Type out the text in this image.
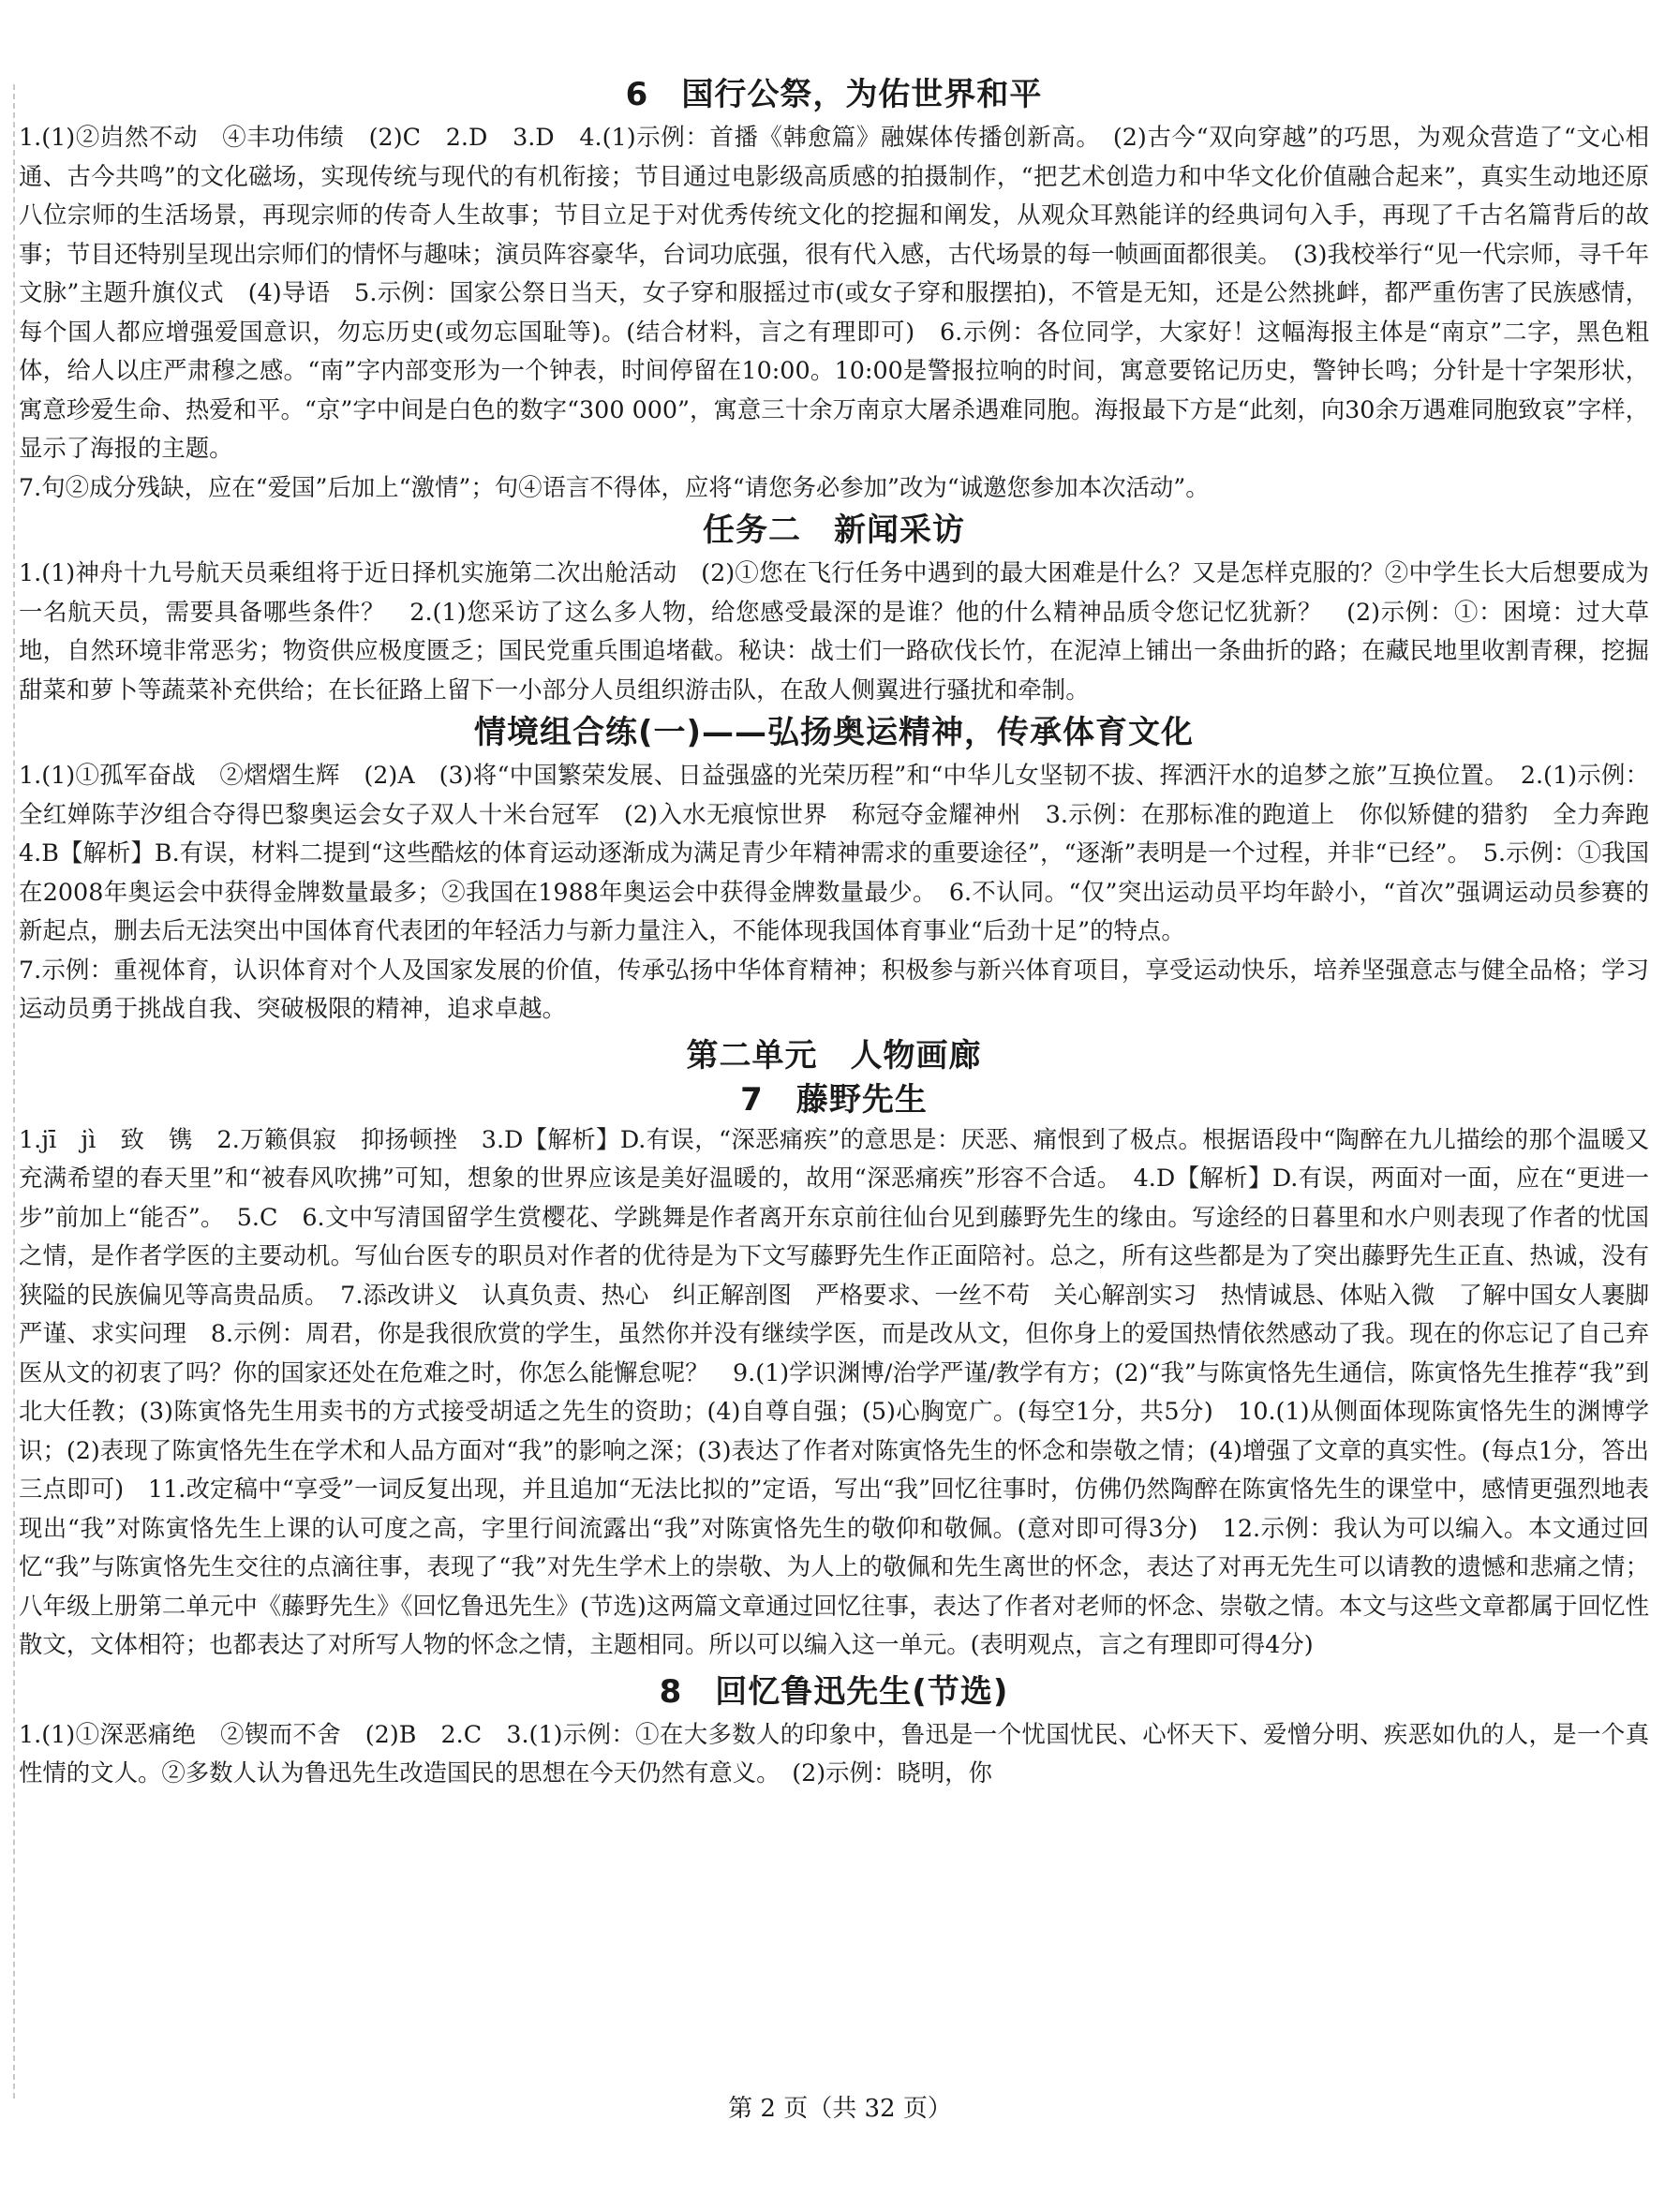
6　国行公祭，为佑世界和平

1.(1)②岿然不动　④丰功伟绩　(2)C　2.D　3.D　4.(1)示例：首播《韩愈篇》融媒体传播创新高。　(2)古今“双向穿越”的巧思，为观众营造了“文心相通、古今共鸣”的文化磁场，实现传统与现代的有机衔接；节目通过电影级高质感的拍摄制作，“把艺术创造力和中华文化价值融合起来”，真实生动地还原八位宗师的生活场景，再现宗师的传奇人生故事；节目立足于对优秀传统文化的挖掘和阐发，从观众耳熟能详的经典词句入手，再现了千古名篇背后的故事；节目还特别呈现出宗师们的情怀与趣味；演员阵容豪华，台词功底强，很有代入感，古代场景的每一帧画面都很美。　(3)我校举行“见一代宗师，寻千年文脉”主题升旗仪式　(4)导语　5.示例：国家公祭日当天，女子穿和服摇过市(或女子穿和服摆拍)，不管是无知，还是公然挑衅，都严重伤害了民族感情，每个国人都应增强爱国意识，勿忘历史(或勿忘国耻等)。(结合材料，言之有理即可)　6.示例：各位同学，大家好！这幅海报主体是“南京”二字，黑色粗体，给人以庄严肃穆之感。“南”字内部变形为一个钟表，时间停留在10:00。10:00是警报拉响的时间，寓意要铭记历史，警钟长鸣；分针是十字架形状，寓意珍爱生命、热爱和平。“京”字中间是白色的数字“300 000”，寓意三十余万南京大屠杀遇难同胞。海报最下方是“此刻，向30余万遇难同胞致哀”字样，显示了海报的主题。

7.句②成分残缺，应在“爱国”后加上“激情”；句④语言不得体，应将“请您务必参加”改为“诚邀您参加本次活动”。

任务二　新闻采访

1.(1)神舟十九号航天员乘组将于近日择机实施第二次出舱活动　(2)①您在飞行任务中遇到的最大困难是什么？又是怎样克服的？②中学生长大后想要成为一名航天员，需要具备哪些条件？　2.(1)您采访了这么多人物，给您感受最深的是谁？他的什么精神品质令您记忆犹新？　(2)示例：①：困境：过大草地，自然环境非常恶劣；物资供应极度匮乏；国民党重兵围追堵截。秘诀：战士们一路砍伐长竹，在泥淖上铺出一条曲折的路；在藏民地里收割青稞，挖掘甜菜和萝卜等蔬菜补充供给；在长征路上留下一小部分人员组织游击队，在敌人侧翼进行骚扰和牵制。

情境组合练(一)——弘扬奥运精神，传承体育文化

1.(1)①孤军奋战　②熠熠生辉　(2)A　(3)将“中国繁荣发展、日益强盛的光荣历程”和“中华儿女坚韧不拔、挥洒汗水的追梦之旅”互换位置。　2.(1)示例：全红婵陈芋汐组合夺得巴黎奥运会女子双人十米台冠军　(2)入水无痕惊世界　称冠夺金耀神州　3.示例：在那标准的跑道上　你似矫健的猎豹　全力奔跑　4.B【解析】B.有误，材料二提到“这些酷炫的体育运动逐渐成为满足青少年精神需求的重要途径”，“逐渐”表明是一个过程，并非“已经”。　5.示例：①我国在2008年奥运会中获得金牌数量最多；②我国在1988年奥运会中获得金牌数量最少。　6.不认同。“仅”突出运动员平均年龄小，“首次”强调运动员参赛的新起点，删去后无法突出中国体育代表团的年轻活力与新力量注入，不能体现我国体育事业“后劲十足”的特点。

7.示例：重视体育，认识体育对个人及国家发展的价值，传承弘扬中华体育精神；积极参与新兴体育项目，享受运动快乐，培养坚强意志与健全品格；学习运动员勇于挑战自我、突破极限的精神，追求卓越。

第二单元　人物画廊
7　藤野先生

1.jī　jì　致　镌　2.万籁俱寂　抑扬顿挫　3.D【解析】D.有误，“深恶痛疾”的意思是：厌恶、痛恨到了极点。根据语段中“陶醉在九儿描绘的那个温暖又充满希望的春天里”和“被春风吹拂”可知，想象的世界应该是美好温暖的，故用“深恶痛疾”形容不合适。　4.D【解析】D.有误，两面对一面，应在“更进一步”前加上“能否”。　5.C　6.文中写清国留学生赏樱花、学跳舞是作者离开东京前往仙台见到藤野先生的缘由。写途经的日暮里和水户则表现了作者的忧国之情，是作者学医的主要动机。写仙台医专的职员对作者的优待是为下文写藤野先生作正面陪衬。总之，所有这些都是为了突出藤野先生正直、热诚，没有狭隘的民族偏见等高贵品质。　7.添改讲义　认真负责、热心　纠正解剖图　严格要求、一丝不苟　关心解剖实习　热情诚恳、体贴入微　了解中国女人裹脚　严谨、求实问理　8.示例：周君，你是我很欣赏的学生，虽然你并没有继续学医，而是改从文，但你身上的爱国热情依然感动了我。现在的你忘记了自己弃医从文的初衷了吗？你的国家还处在危难之时，你怎么能懈怠呢？　9.(1)学识渊博/治学严谨/教学有方；(2)“我”与陈寅恪先生通信，陈寅恪先生推荐“我”到北大任教；(3)陈寅恪先生用卖书的方式接受胡适之先生的资助；(4)自尊自强；(5)心胸宽广。(每空1分，共5分)　10.(1)从侧面体现陈寅恪先生的渊博学识；(2)表现了陈寅恪先生在学术和人品方面对“我”的影响之深；(3)表达了作者对陈寅恪先生的怀念和崇敬之情；(4)增强了文章的真实性。(每点1分，答出三点即可)　11.改定稿中“享受”一词反复出现，并且追加“无法比拟的”定语，写出“我”回忆往事时，仿佛仍然陶醉在陈寅恪先生的课堂中，感情更强烈地表现出“我”对陈寅恪先生上课的认可度之高，字里行间流露出“我”对陈寅恪先生的敬仰和敬佩。(意对即可得3分)　12.示例：我认为可以编入。本文通过回忆“我”与陈寅恪先生交往的点滴往事，表现了“我”对先生学术上的崇敬、为人上的敬佩和先生离世的怀念，表达了对再无先生可以请教的遗憾和悲痛之情；八年级上册第二单元中《藤野先生》《回忆鲁迅先生》(节选)这两篇文章通过回忆往事，表达了作者对老师的怀念、崇敬之情。本文与这些文章都属于回忆性散文，文体相符；也都表达了对所写人物的怀念之情，主题相同。所以可以编入这一单元。(表明观点，言之有理即可得4分)

8　回忆鲁迅先生(节选)

1.(1)①深恶痛绝　②锲而不舍　(2)B　2.C　3.(1)示例：①在大多数人的印象中，鲁迅是一个忧国忧民、心怀天下、爱憎分明、疾恶如仇的人，是一个真性情的文人。②多数人认为鲁迅先生改造国民的思想在今天仍然有意义。　(2)示例：晓明，你

第 2 页（共 32 页）
